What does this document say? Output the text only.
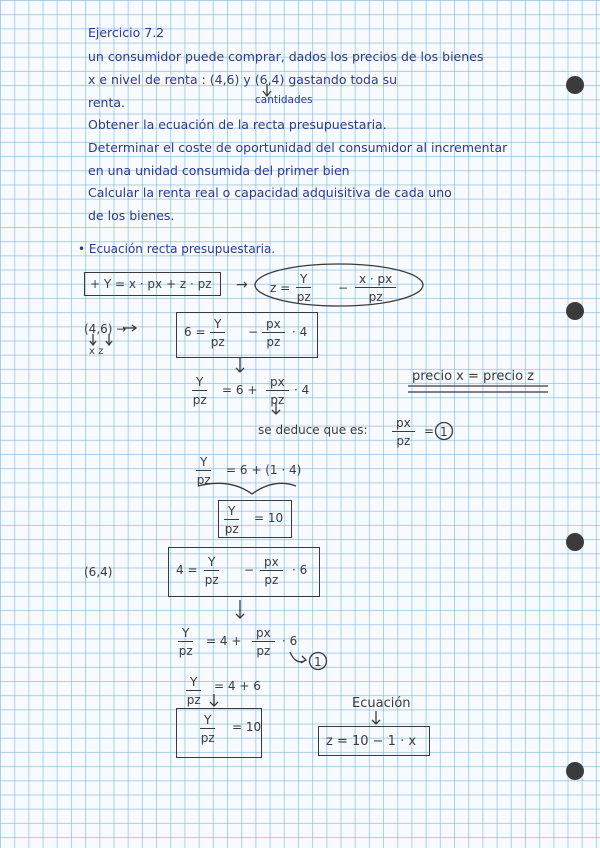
Ejercicio 7.2
un consumidor puede comprar, dados los precios de los bienes
x e nivel de renta : (4,6) y (6,4) gastando toda su
cantidades
renta.
Obtener la ecuación de la recta presupuestaria.
Determinar el coste de oportunidad del consumidor al incrementar
en una unidad consumida del primer bien
Calcular la renta real o capacidad adquisitiva de cada uno
de los bienes.
• Ecuación recta presupuestaria.
+ Y = x · px + z · pz → $z = \frac{Y}{pz} - \frac{x \cdot px}{pz}$
(4,6) →
x z
$6 = \frac{Y}{pz} - \frac{px}{pz} \cdot 4$
$\frac{Y}{pz} = 6 + \frac{px}{pz} \cdot 4$
precio x = precio z
se deduce que es: $\frac{px}{pz} = 1$
$\frac{Y}{pz} = 6 + (1 \cdot 4)$
$\frac{Y}{pz} = 10$
(6,4)	$4 = \frac{Y}{pz} - \frac{px}{pz} \cdot 6$
$\frac{Y}{pz} = 4 + \frac{px}{pz} \cdot 6$
1
$\frac{Y}{pz} = 4 + 6$
$\frac{Y}{pz} = 10$
Ecuación
z = 10 − 1 · x
